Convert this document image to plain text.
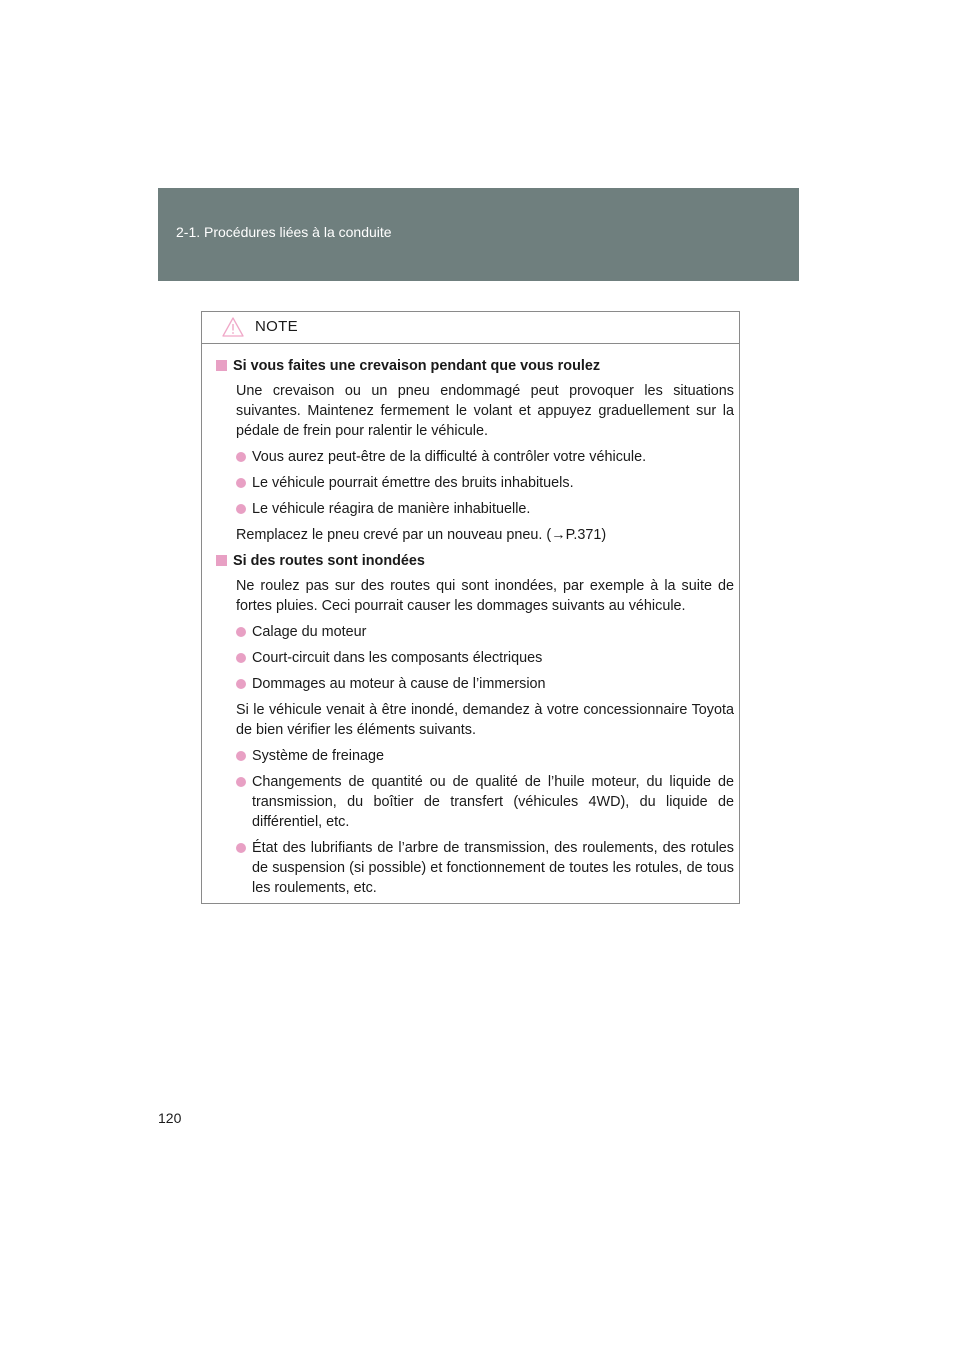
2-1. Procédures liées à la conduite
NOTE
Si vous faites une crevaison pendant que vous roulez

Une crevaison ou un pneu endommagé peut provoquer les situations suivantes. Maintenez fermement le volant et appuyez graduellement sur la pédale de frein pour ralentir le véhicule.

Vous aurez peut-être de la difficulté à contrôler votre véhicule.
Le véhicule pourrait émettre des bruits inhabituels.
Le véhicule réagira de manière inhabituelle.

Remplacez le pneu crevé par un nouveau pneu. (→P.371)

Si des routes sont inondées

Ne roulez pas sur des routes qui sont inondées, par exemple à la suite de fortes pluies. Ceci pourrait causer les dommages suivants au véhicule.

Calage du moteur
Court-circuit dans les composants électriques
Dommages au moteur à cause de l’immersion

Si le véhicule venait à être inondé, demandez à votre concessionnaire Toyota de bien vérifier les éléments suivants.

Système de freinage
Changements de quantité ou de qualité de l’huile moteur, du liquide de transmission, du boîtier de transfert (véhicules 4WD), du liquide de différentiel, etc.
État des lubrifiants de l’arbre de transmission, des roulements, des rotules de suspension (si possible) et fonctionnement de toutes les rotules, de tous les roulements, etc.
120
